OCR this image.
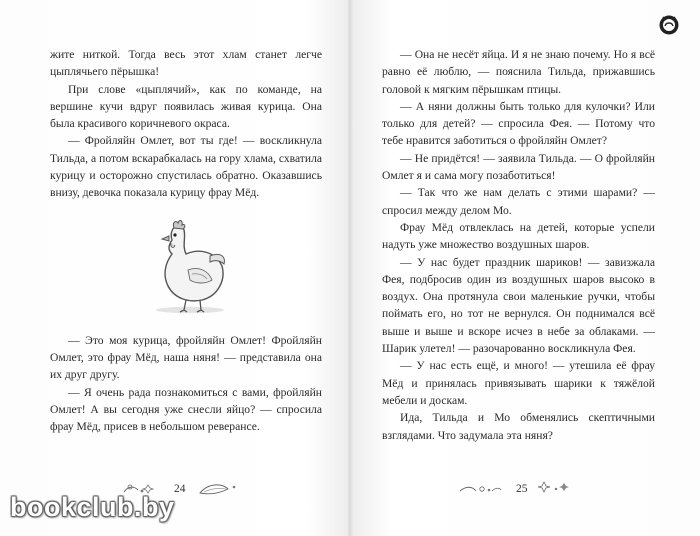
жите ниткой. Тогда весь этот хлам станет легче цыплячьего пёрышка!

При слове «цыплячий», как по команде, на вершине кучи вдруг появилась живая курица. Она была красивого коричневого окраса.

— Фройляйн Омлет, вот ты где! — воскликнула Тильда, а потом вскарабкалась на гору хлама, схватила курицу и осторожно спустилась обратно. Оказавшись внизу, девочка показала курицу фрау Мёд.

— Это моя курица, фройляйн Омлет! Фройляйн Омлет, это фрау Мёд, наша няня! — представила она их друг другу.

— Я очень рада познакомиться с вами, фройляйн Омлет! А вы сегодня уже снесли яйцо? — спросила фрау Мёд, присев в небольшом реверансе.

— Она не несёт яйца. И я не знаю почему. Но я всё равно её люблю, — пояснила Тильда, прижавшись головой к мягким пёрышкам птицы.

— А няни должны быть только для кулочки? Или только для детей? — спросила Фея. — Потому что тебе нравится заботиться о фройляйн Омлет?

— Не придётся! — заявила Тильда. — О фройляйн Омлет я и сама могу позаботиться!

— Так что же нам делать с этими шарами? — спросил между делом Мо.

Фрау Мёд отвлеклась на детей, которые успели надуть уже множество воздушных шаров.

— У нас будет праздник шариков! — завизжала Фея, подбросив один из воздушных шаров высоко в воздух. Она протянула свои маленькие ручки, чтобы поймать его, но тот не вернулся. Он поднимался всё выше и выше и вскоре исчез в небе за облаками. — Шарик улетел! — разочарованно воскликнула Фея.

— У нас есть ещё, и много! — утешила её фрау Мёд и принялась привязывать шарики к тяжёлой мебели и доскам.

Ида, Тильда и Мо обменялись скептичными взглядами. Что задумала эта няня?

24	25
bookclub.by
